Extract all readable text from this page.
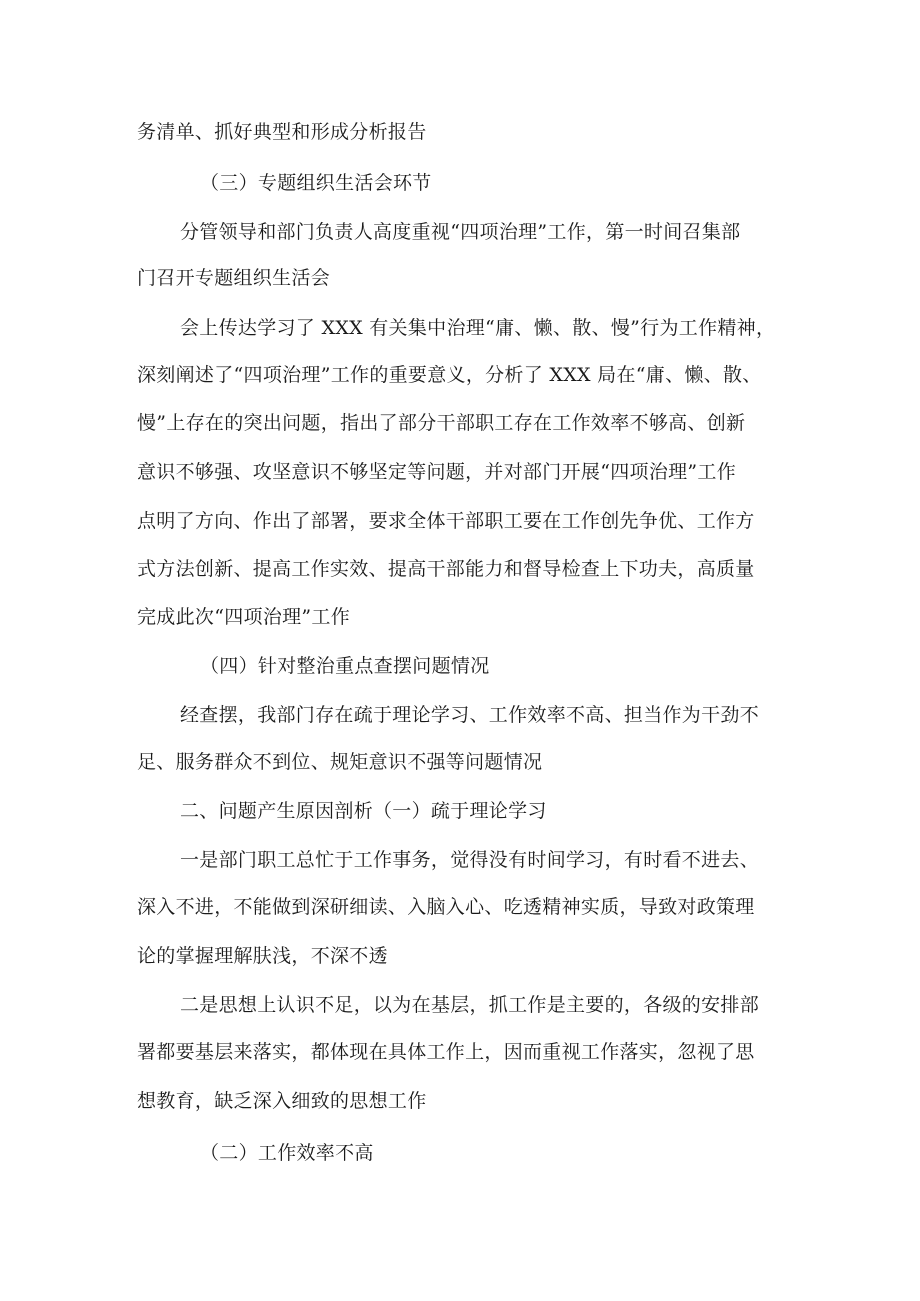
务清单、抓好典型和形成分析报告
（三）专题组织生活会环节
分管领导和部门负责人高度重视“四项治理”工作，第一时间召集部
门召开专题组织生活会
会上传达学习了 XXX 有关集中治理“庸、懒、散、慢”行为工作精神，
深刻阐述了“四项治理”工作的重要意义，分析了 XXX 局在“庸、懒、散、
慢”上存在的突出问题，指出了部分干部职工存在工作效率不够高、创新
意识不够强、攻坚意识不够坚定等问题，并对部门开展“四项治理”工作
点明了方向、作出了部署，要求全体干部职工要在工作创先争优、工作方
式方法创新、提高工作实效、提高干部能力和督导检查上下功夫，高质量
完成此次“四项治理”工作
（四）针对整治重点查摆问题情况
经查摆，我部门存在疏于理论学习、工作效率不高、担当作为干劲不
足、服务群众不到位、规矩意识不强等问题情况
二、问题产生原因剖析（一）疏于理论学习
一是部门职工总忙于工作事务，觉得没有时间学习，有时看不进去、
深入不进，不能做到深研细读、入脑入心、吃透精神实质，导致对政策理
论的掌握理解肤浅，不深不透
二是思想上认识不足，以为在基层，抓工作是主要的，各级的安排部
署都要基层来落实，都体现在具体工作上，因而重视工作落实，忽视了思
想教育，缺乏深入细致的思想工作
（二）工作效率不高
